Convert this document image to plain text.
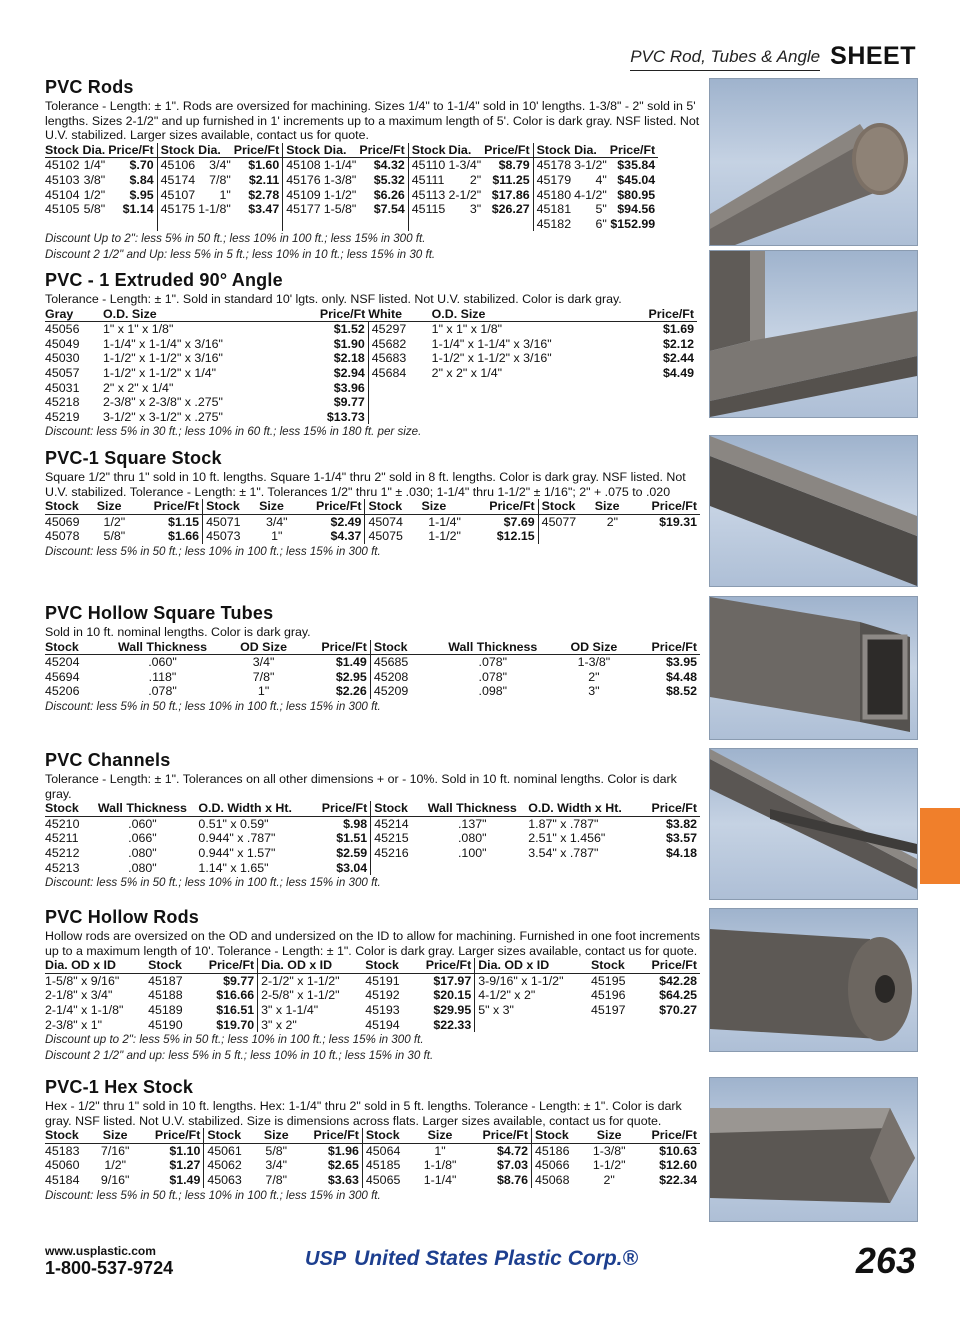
PVC Rod, Tubes & Angle SHEET
PVC Rods

Tolerance - Length: ± 1". Rods are oversized for machining. Sizes 1/4" to 1-1/4" sold in 10' lengths. 1-3/8" - 2" sold in 5' lengths. Sizes 2-1/2" and up furnished in 1' increments up to a maximum length of 5'. Color is dark gray. NSF listed. Not U.V. stabilized. Larger sizes available, contact us for quote.

Stock	Dia.	Price/Ft	Stock	Dia.	Price/Ft	Stock	Dia.	Price/Ft	Stock	Dia.	Price/Ft	Stock	Dia.	Price/Ft
45102	1/4"	$.70	45106	3/4"	$1.60	45108	1-1/4"	$4.32	45110	1-3/4"	$8.79	45178	3-1/2"	$35.84
45103	3/8"	$.84	45174	7/8"	$2.11	45176	1-3/8"	$5.32	45111	2"	$11.25	45179	4"	$45.04
45104	1/2"	$.95	45107	1"	$2.78	45109	1-1/2"	$6.26	45113	2-1/2"	$17.86	45180	4-1/2"	$80.95
45105	5/8"	$1.14	45175	1-1/8"	$3.47	45177	1-5/8"	$7.54	45115	3"	$26.27	45181	5"	$94.56
												45182	6"	$152.99
Discount Up to 2": less 5% in 50 ft.; less 10% in 100 ft.; less 15% in 300 ft.
Discount 2 1/2" and Up: less 5% in 5 ft.; less 10% in 10 ft.; less 15% in 30 ft.
PVC - 1 Extruded 90° Angle

Tolerance - Length: ± 1". Sold in standard 10' lgts. only. NSF listed. Not U.V. stabilized. Color is dark gray.

Gray	O.D. Size	Price/Ft	White	O.D. Size	Price/Ft
45056	1" x 1" x 1/8"	$1.52	45297	1" x 1" x 1/8"	$1.69
45049	1-1/4" x 1-1/4" x 3/16"	$1.90	45682	1-1/4" x 1-1/4" x 3/16"	$2.12
45030	1-1/2" x 1-1/2" x 3/16"	$2.18	45683	1-1/2" x 1-1/2" x 3/16"	$2.44
45057	1-1/2" x 1-1/2" x 1/4"	$2.94	45684	2" x 2" x 1/4"	$4.49
45031	2" x 2" x 1/4"	$3.96			
45218	2-3/8" x 2-3/8" x .275"	$9.77			
45219	3-1/2" x 3-1/2" x .275"	$13.73			
Discount: less 5% in 30 ft.; less 10% in 60 ft.; less 15% in 180 ft. per size.
PVC-1 Square Stock

Square 1/2" thru 1" sold in 10 ft. lengths. Square 1-1/4" thru 2" sold in 8 ft. lengths. Color is dark gray. NSF listed. Not U.V. stabilized. Tolerance - Length: ± 1". Tolerances 1/2" thru 1" ± .030; 1-1/4" thru 1-1/2" ± 1/16"; 2" + .075 to .020

Stock	Size	Price/Ft	Stock	Size	Price/Ft	Stock	Size	Price/Ft	Stock	Size	Price/Ft
45069	1/2"	$1.15	45071	3/4"	$2.49	45074	1-1/4"	$7.69	45077	2"	$19.31
45078	5/8"	$1.66	45073	1"	$4.37	45075	1-1/2"	$12.15			
Discount: less 5% in 50 ft.; less 10% in 100 ft.; less 15% in 300 ft.
PVC Hollow Square Tubes

Sold in 10 ft. nominal lengths. Color is dark gray.

Stock	Wall Thickness	OD Size	Price/Ft	Stock	Wall Thickness	OD Size	Price/Ft
45204	.060"	3/4"	$1.49	45685	.078"	1-3/8"	$3.95
45694	.118"	7/8"	$2.95	45208	.078"	2"	$4.48
45206	.078"	1"	$2.26	45209	.098"	3"	$8.52
Discount: less 5% in 50 ft.; less 10% in 100 ft.; less 15% in 300 ft.
PVC Channels

Tolerance - Length: ± 1". Tolerances on all other dimensions + or - 10%. Sold in 10 ft. nominal lengths. Color is dark gray.

Stock	Wall Thickness	O.D. Width x Ht.	Price/Ft	Stock	Wall Thickness	O.D. Width x Ht.	Price/Ft
45210	.060"	0.51" x 0.59"	$.98	45214	.137"	1.87" x .787"	$3.82
45211	.066"	0.944" x .787"	$1.51	45215	.080"	2.51" x 1.456"	$3.57
45212	.080"	0.944" x 1.57"	$2.59	45216	.100"	3.54" x .787"	$4.18
45213	.080"	1.14" x 1.65"	$3.04				
Discount: less 5% in 50 ft.; less 10% in 100 ft.; less 15% in 300 ft.
PVC Hollow Rods

Hollow rods are oversized on the OD and undersized on the ID to allow for machining. Furnished in one foot increments up to a maximum length of 10'. Tolerance - Length: ± 1". Color is dark gray. Larger sizes available, contact us for quote.

Dia. OD x ID	Stock	Price/Ft	Dia. OD x ID	Stock	Price/Ft	Dia. OD x ID	Stock	Price/Ft
1-5/8" x 9/16"	45187	$9.77	2-1/2" x 1-1/2"	45191	$17.97	3-9/16" x 1-1/2"	45195	$42.28
2-1/8" x 3/4"	45188	$16.66	2-5/8" x 1-1/2"	45192	$20.15	4-1/2" x 2"	45196	$64.25
2-1/4" x 1-1/8"	45189	$16.51	3" x 1-1/4"	45193	$29.95	5" x 3"	45197	$70.27
2-3/8" x 1"	45190	$19.70	3" x 2"	45194	$22.33			
Discount up to 2": less 5% in 50 ft.; less 10% in 100 ft.; less 15% in 300 ft.
Discount 2 1/2" and up: less 5% in 5 ft.; less 10% in 10 ft.; less 15% in 30 ft.
PVC-1 Hex Stock

Hex - 1/2" thru 1" sold in 10 ft. lengths. Hex: 1-1/4" thru 2" sold in 5 ft. lengths. Tolerance - Length: ± 1". Color is dark gray. NSF listed. Not U.V. stabilized. Size is dimensions across flats. Larger sizes available, contact us for quote.

Stock	Size	Price/Ft	Stock	Size	Price/Ft	Stock	Size	Price/Ft	Stock	Size	Price/Ft
45183	7/16"	$1.10	45061	5/8"	$1.96	45064	1"	$4.72	45186	1-3/8"	$10.63
45060	1/2"	$1.27	45062	3/4"	$2.65	45185	1-1/8"	$7.03	45066	1-1/2"	$12.60
45184	9/16"	$1.49	45063	7/8"	$3.63	45065	1-1/4"	$8.76	45068	2"	$22.34
Discount: less 5% in 50 ft.; less 10% in 100 ft.; less 15% in 300 ft.
www.usplastic.com
1-800-537-9724	USP United States Plastic Corp.®	263
